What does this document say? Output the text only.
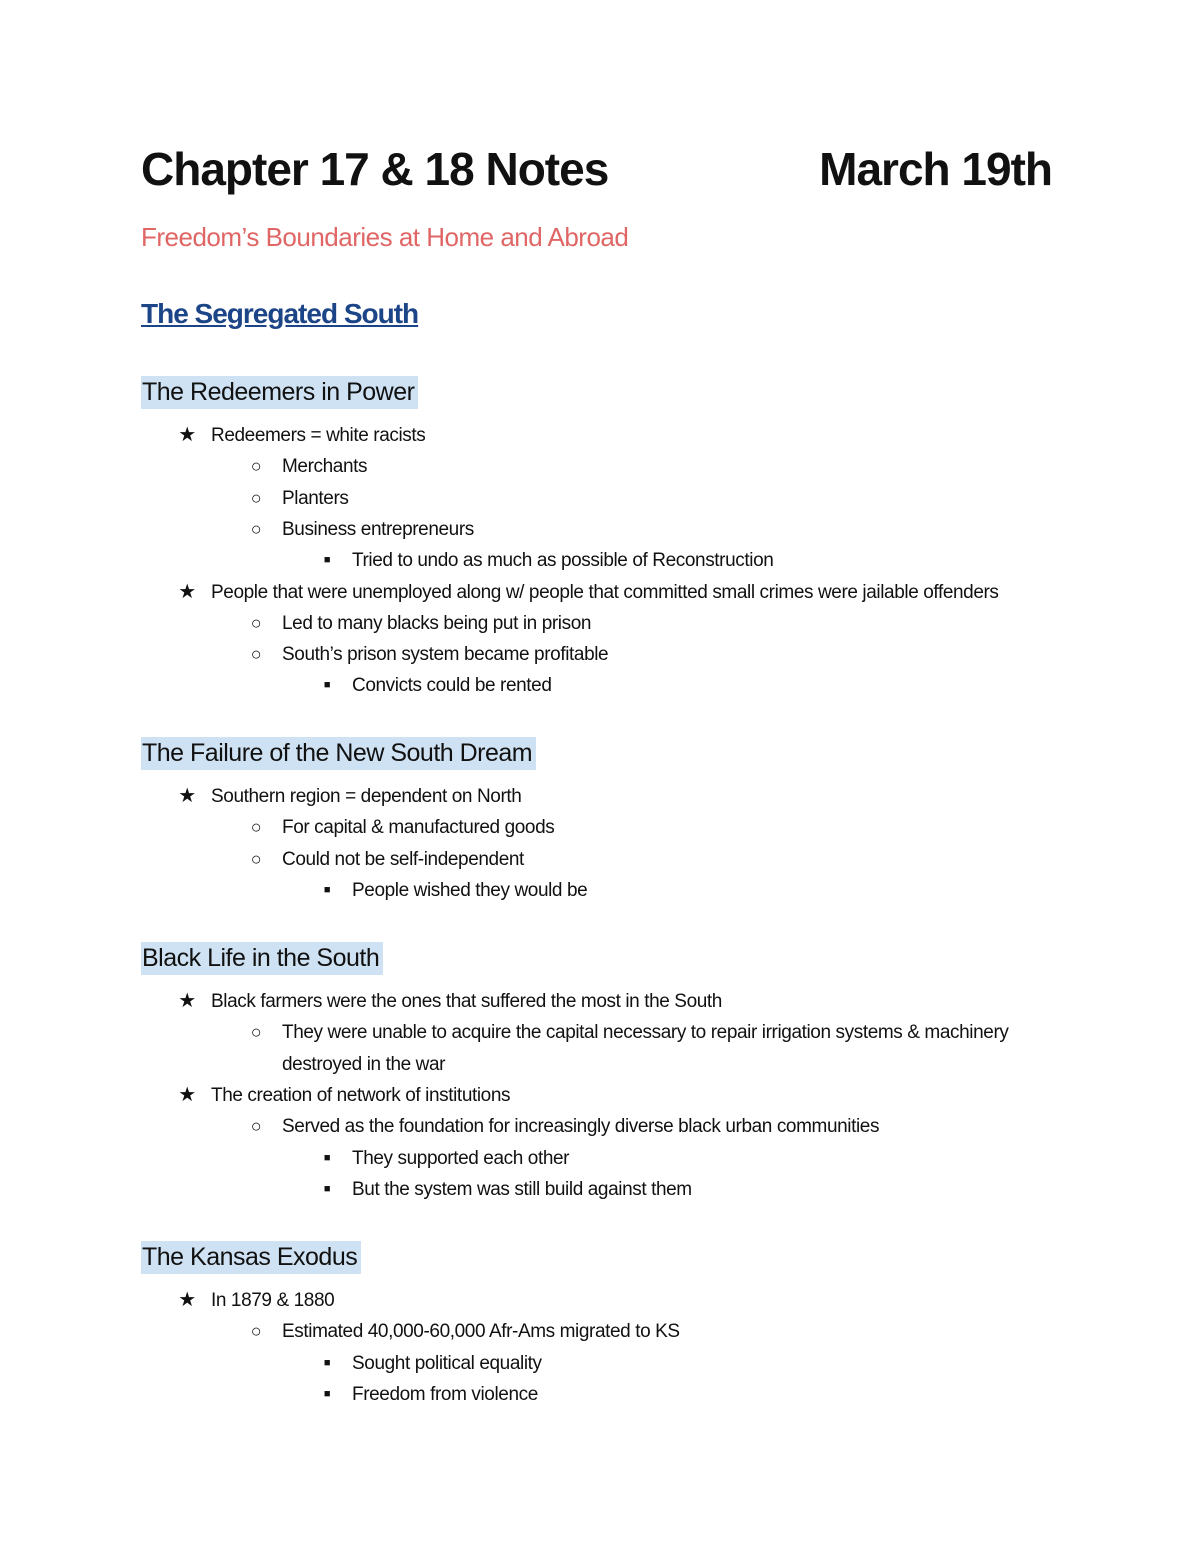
Chapter 17 & 18 Notes	March 19th
Freedom’s Boundaries at Home and Abroad
The Segregated South
The Redeemers in Power
★ Redeemers = white racists
○	Merchants
○	Planters
○	Business entrepreneurs
■	Tried to undo as much as possible of Reconstruction
★ People that were unemployed along w/ people that committed small crimes were jailable offenders
○	Led to many blacks being put in prison
○	South’s prison system became profitable
■	Convicts could be rented
The Failure of the New South Dream
★ Southern region = dependent on North
○	For capital & manufactured goods
○	Could not be self-independent
■	People wished they would be
Black Life in the South
★ Black farmers were the ones that suffered the most in the South
○	They were unable to acquire the capital necessary to repair irrigation systems & machinery
destroyed in the war
★ The creation of network of institutions
○	Served as the foundation for increasingly diverse black urban communities
■	They supported each other
■	But the system was still build against them
The Kansas Exodus
★ In 1879 & 1880
○	Estimated 40,000-60,000 Afr-Ams migrated to KS
■	Sought political equality
■	Freedom from violence
